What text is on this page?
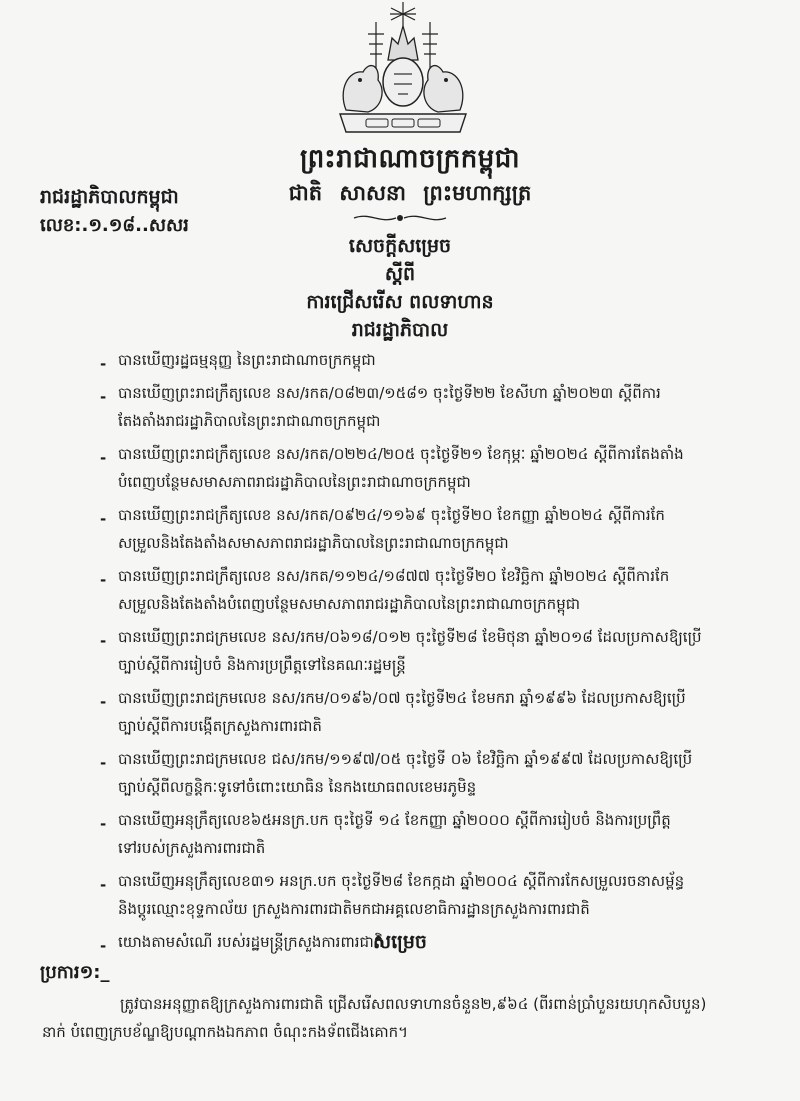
ព្រះរាជាណាចក្រកម្ពុជា
ជាតិ សាសនា ព្រះមហាក្សត្រ
រាជរដ្ឋាភិបាលកម្ពុជា
លេខ:.១.១៨..សសរ
សេចក្ដីសម្រេច
ស្ដីពី
ការជ្រើសរើស ពលទាហាន
រាជរដ្ឋាភិបាល
- បានឃើញរដ្ឋធម្មនុញ្ញ នៃព្រះរាជាណាចក្រកម្ពុជា
- បានឃើញព្រះរាជក្រឹត្យលេខ នស/រកត/០៨២៣/១៥៨១ ចុះថ្ងៃទី២២ ខែសីហា ឆ្នាំ២០២៣ ស្ដីពីការ
តែងតាំងរាជរដ្ឋាភិបាលនៃព្រះរាជាណាចក្រកម្ពុជា
- បានឃើញព្រះរាជក្រឹត្យលេខ នស/រកត/០២២៤/២០៥ ចុះថ្ងៃទី២១ ខែកុម្ភៈ ឆ្នាំ២០២៤ ស្ដីពីការតែងតាំង
បំពេញបន្ថែមសមាសភាពរាជរដ្ឋាភិបាលនៃព្រះរាជាណាចក្រកម្ពុជា
- បានឃើញព្រះរាជក្រឹត្យលេខ នស/រកត/០៩២៤/១១៦៩ ចុះថ្ងៃទី២០ ខែកញ្ញា ឆ្នាំ២០២៤ ស្ដីពីការកែ
សម្រួលនិងតែងតាំងសមាសភាពរាជរដ្ឋាភិបាលនៃព្រះរាជាណាចក្រកម្ពុជា
- បានឃើញព្រះរាជក្រឹត្យលេខ នស/រកត/១១២៤/១៨៧៧ ចុះថ្ងៃទី២០ ខែវិច្ឆិកា ឆ្នាំ២០២៤ ស្ដីពីការកែ
សម្រួលនិងតែងតាំងបំពេញបន្ថែមសមាសភាពរាជរដ្ឋាភិបាលនៃព្រះរាជាណាចក្រកម្ពុជា
- បានឃើញព្រះរាជក្រមលេខ នស/រកម/០៦១៨/០១២ ចុះថ្ងៃទី២៨ ខែមិថុនា ឆ្នាំ២០១៨ ដែលប្រកាសឱ្យប្រើ
ច្បាប់ស្ដីពីការរៀបចំ និងការប្រព្រឹត្តទៅនៃគណៈរដ្ឋមន្ត្រី
- បានឃើញព្រះរាជក្រមលេខ នស/រកម/០១៩៦/០៧ ចុះថ្ងៃទី២៤ ខែមករា ឆ្នាំ១៩៩៦ ដែលប្រកាសឱ្យប្រើ
ច្បាប់ស្ដីពីការបង្កើតក្រសួងការពារជាតិ
- បានឃើញព្រះរាជក្រមលេខ ជស/រកម/១១៩៧/០៥ ចុះថ្ងៃទី ០៦ ខែវិច្ឆិកា ឆ្នាំ១៩៩៧ ដែលប្រកាសឱ្យប្រើ
ច្បាប់ស្ដីពីលក្ខន្តិកៈទូទៅចំពោះយោធិន នៃកងយោធពលខេមរភូមិន្ទ
- បានឃើញអនុក្រឹត្យលេខ៦៥អនក្រ.បក ចុះថ្ងៃទី ១៤ ខែកញ្ញា ឆ្នាំ២០០០ ស្ដីពីការរៀបចំ និងការប្រព្រឹត្ត
ទៅរបស់ក្រសួងការពារជាតិ
- បានឃើញអនុក្រឹត្យលេខ៣១ អនក្រ.បក ចុះថ្ងៃទី២៨ ខែកក្កដា ឆ្នាំ២០០៤ ស្ដីពីការកែសម្រួលរចនាសម្ព័ន្ធ
និងប្ដូរឈ្មោះខុទ្ទកាល័យ ក្រសួងការពារជាតិមកជាអគ្គលេខាធិការដ្ឋានក្រសួងការពារជាតិ
- យោងតាមសំណើ របស់រដ្ឋមន្ត្រីក្រសួងការពារជាតិ
សម្រេច
ប្រការ១:_
ត្រូវបានអនុញ្ញាតឱ្យក្រសួងការពារជាតិ ជ្រើសរើសពលទាហានចំនួន២,៩៦៤ (ពីរពាន់ប្រាំបួនរយហុកសិបបួន)
នាក់ បំពេញក្របខ័ណ្ឌឱ្យបណ្ដាកងឯកភាព ចំណុះកងទ័ពជើងគោក។
